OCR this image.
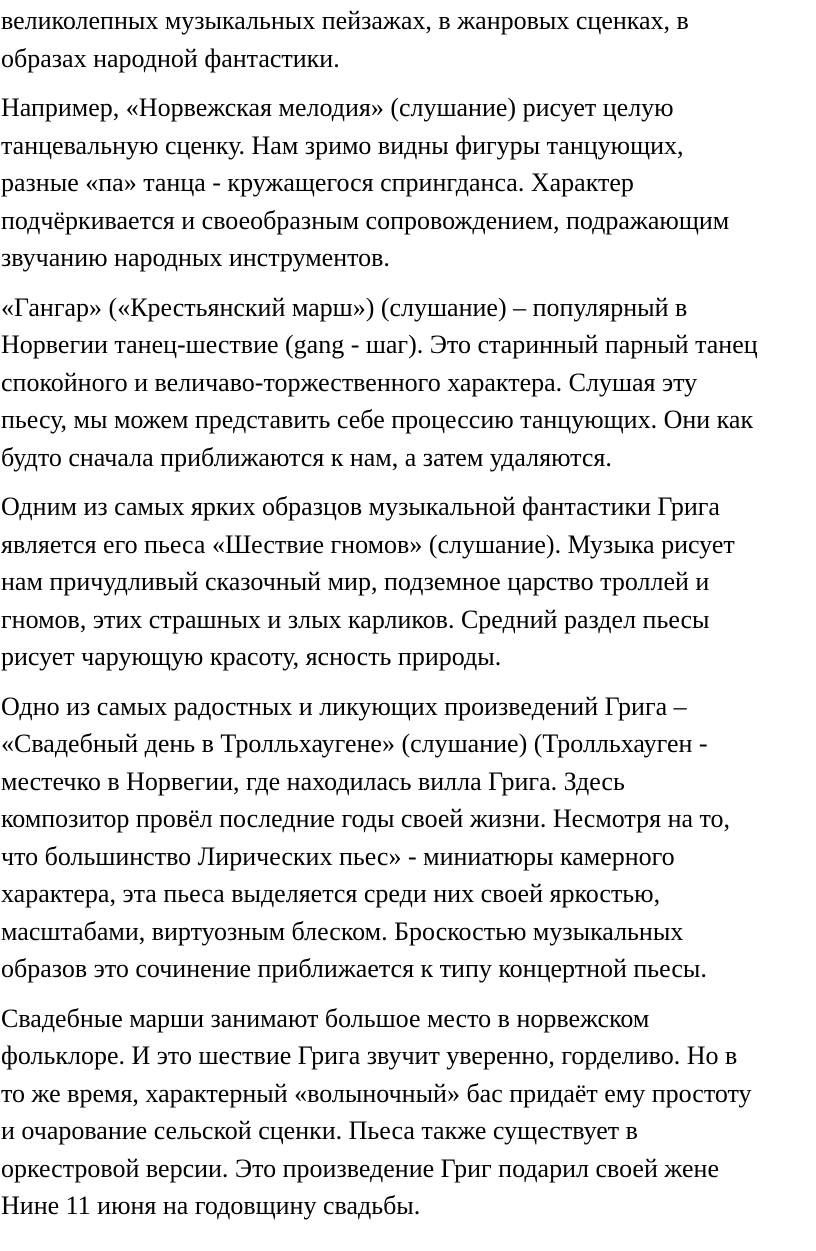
великолепных музыкальных пейзажах, в жанровых сценках, в
образах народной фантастики.
Например, «Норвежская мелодия» (слушание) рисует целую
танцевальную сценку. Нам зримо видны фигуры танцующих,
разные «па» танца - кружащегося спрингданса. Характер
подчёркивается и своеобразным сопровождением, подражающим
звучанию народных инструментов.
«Гангар» («Крестьянский марш») (слушание) – популярный в
Норвегии танец-шествие (gang - шаг). Это старинный парный танец
спокойного и величаво-торжественного характера. Слушая эту
пьесу, мы можем представить себе процессию танцующих. Они как
будто сначала приближаются к нам, а затем удаляются.
Одним из самых ярких образцов музыкальной фантастики Грига
является его пьеса «Шествие гномов» (слушание). Музыка рисует
нам причудливый сказочный мир, подземное царство троллей и
гномов, этих страшных и злых карликов. Средний раздел пьесы
рисует чарующую красоту, ясность природы.
Одно из самых радостных и ликующих произведений Грига –
«Свадебный день в Тролльхаугене» (слушание) (Тролльхауген -
местечко в Норвегии, где находилась вилла Грига. Здесь
композитор провёл последние годы своей жизни. Несмотря на то,
что большинство Лирических пьес» - миниатюры камерного
характера, эта пьеса выделяется среди них своей яркостью,
масштабами, виртуозным блеском. Броскостью музыкальных
образов это сочинение приближается к типу концертной пьесы.
Свадебные марши занимают большое место в норвежском
фольклоре. И это шествие Грига звучит уверенно, горделиво. Но в
то же время, характерный «волыночный» бас придаёт ему простоту
и очарование сельской сценки. Пьеса также существует в
оркестровой версии. Это произведение Григ подарил своей жене
Нине 11 июня на годовщину свадьбы.
